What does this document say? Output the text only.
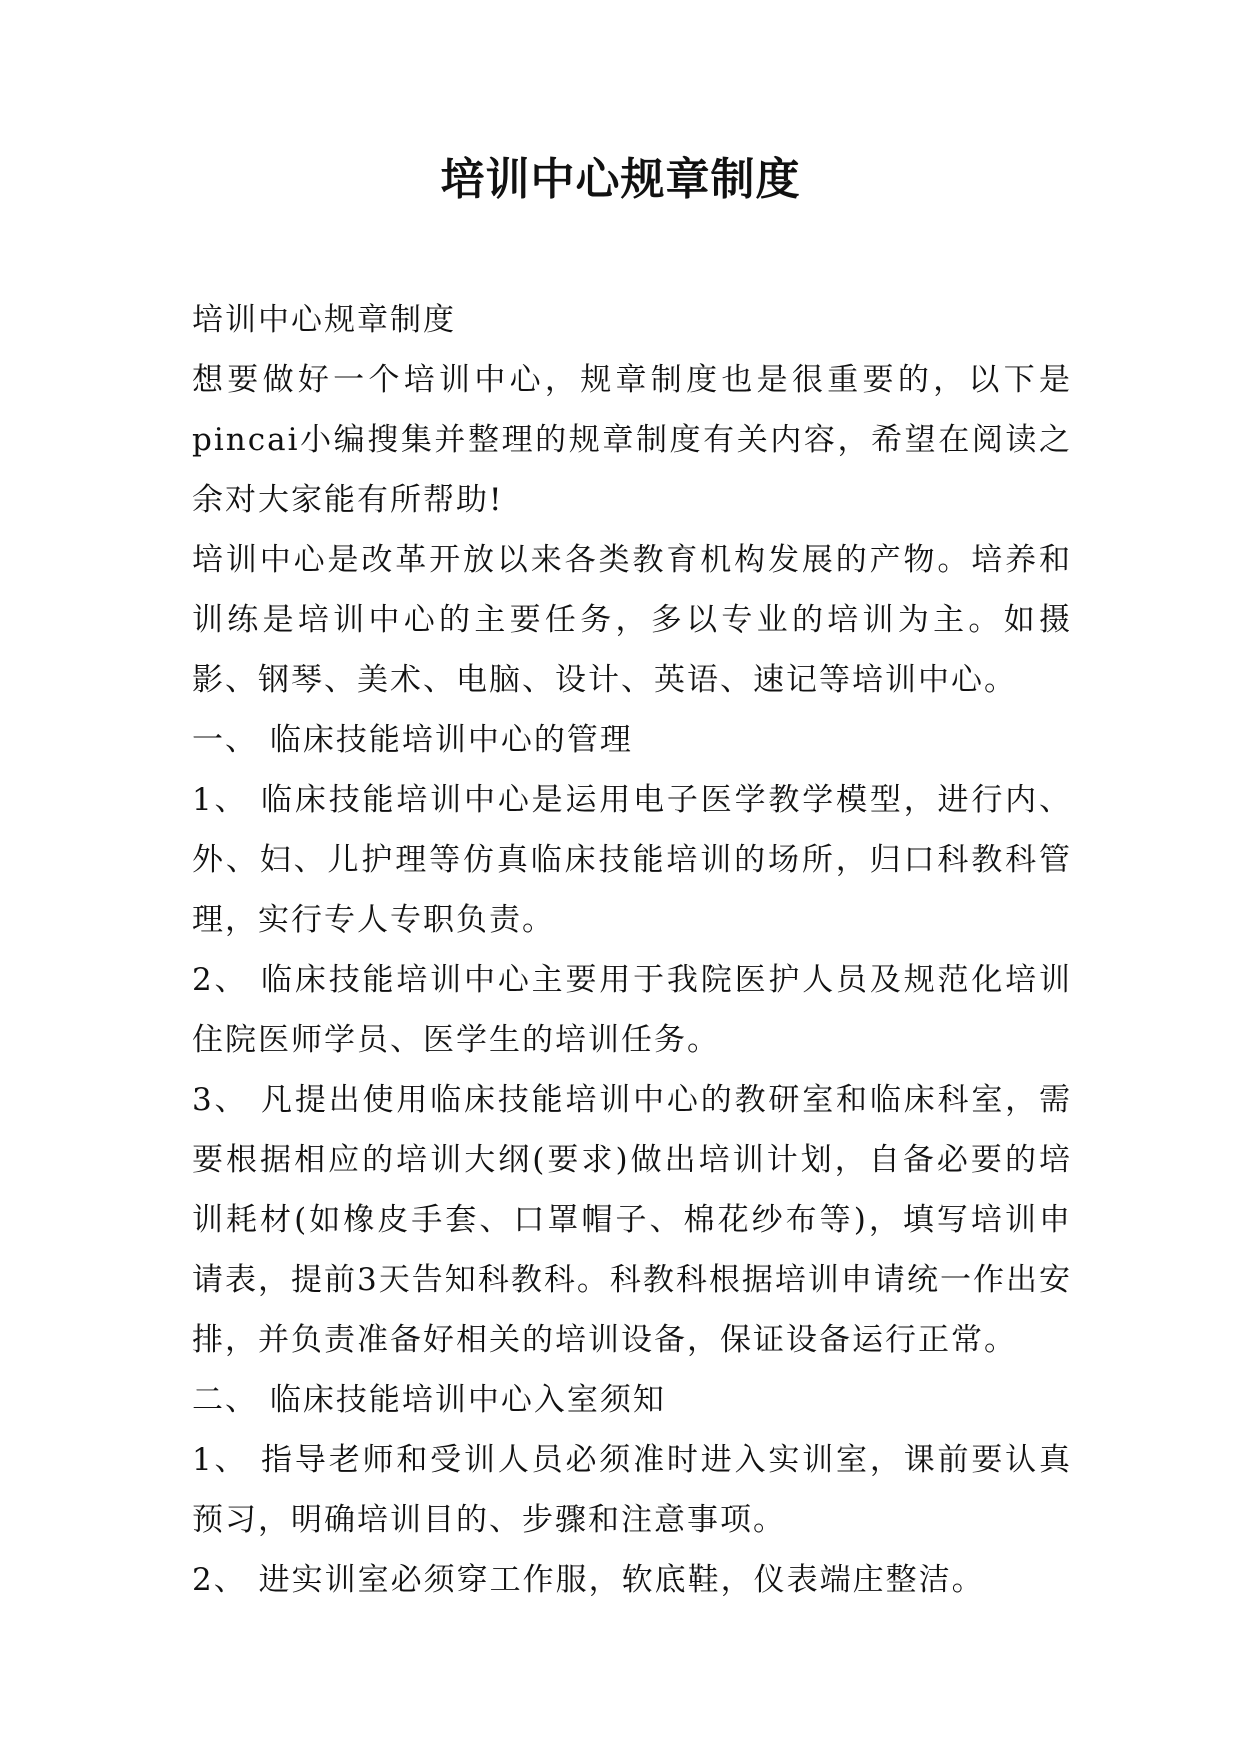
培训中心规章制度

培训中心规章制度

想要做好一个培训中心，规章制度也是很重要的，以下是pincai小编搜集并整理的规章制度有关内容，希望在阅读之余对大家能有所帮助!

培训中心是改革开放以来各类教育机构发展的产物。培养和训练是培训中心的主要任务，多以专业的培训为主。如摄影、钢琴、美术、电脑、设计、英语、速记等培训中心。

一、 临床技能培训中心的管理

1、 临床技能培训中心是运用电子医学教学模型，进行内、外、妇、儿护理等仿真临床技能培训的场所，归口科教科管理，实行专人专职负责。

2、 临床技能培训中心主要用于我院医护人员及规范化培训住院医师学员、医学生的培训任务。

3、 凡提出使用临床技能培训中心的教研室和临床科室，需要根据相应的培训大纲(要求)做出培训计划，自备必要的培训耗材(如橡皮手套、口罩帽子、棉花纱布等)，填写培训申请表，提前3天告知科教科。科教科根据培训申请统一作出安排，并负责准备好相关的培训设备，保证设备运行正常。

二、 临床技能培训中心入室须知

1、 指导老师和受训人员必须准时进入实训室，课前要认真预习，明确培训目的、步骤和注意事项。

2、 进实训室必须穿工作服，软底鞋，仪表端庄整洁。
